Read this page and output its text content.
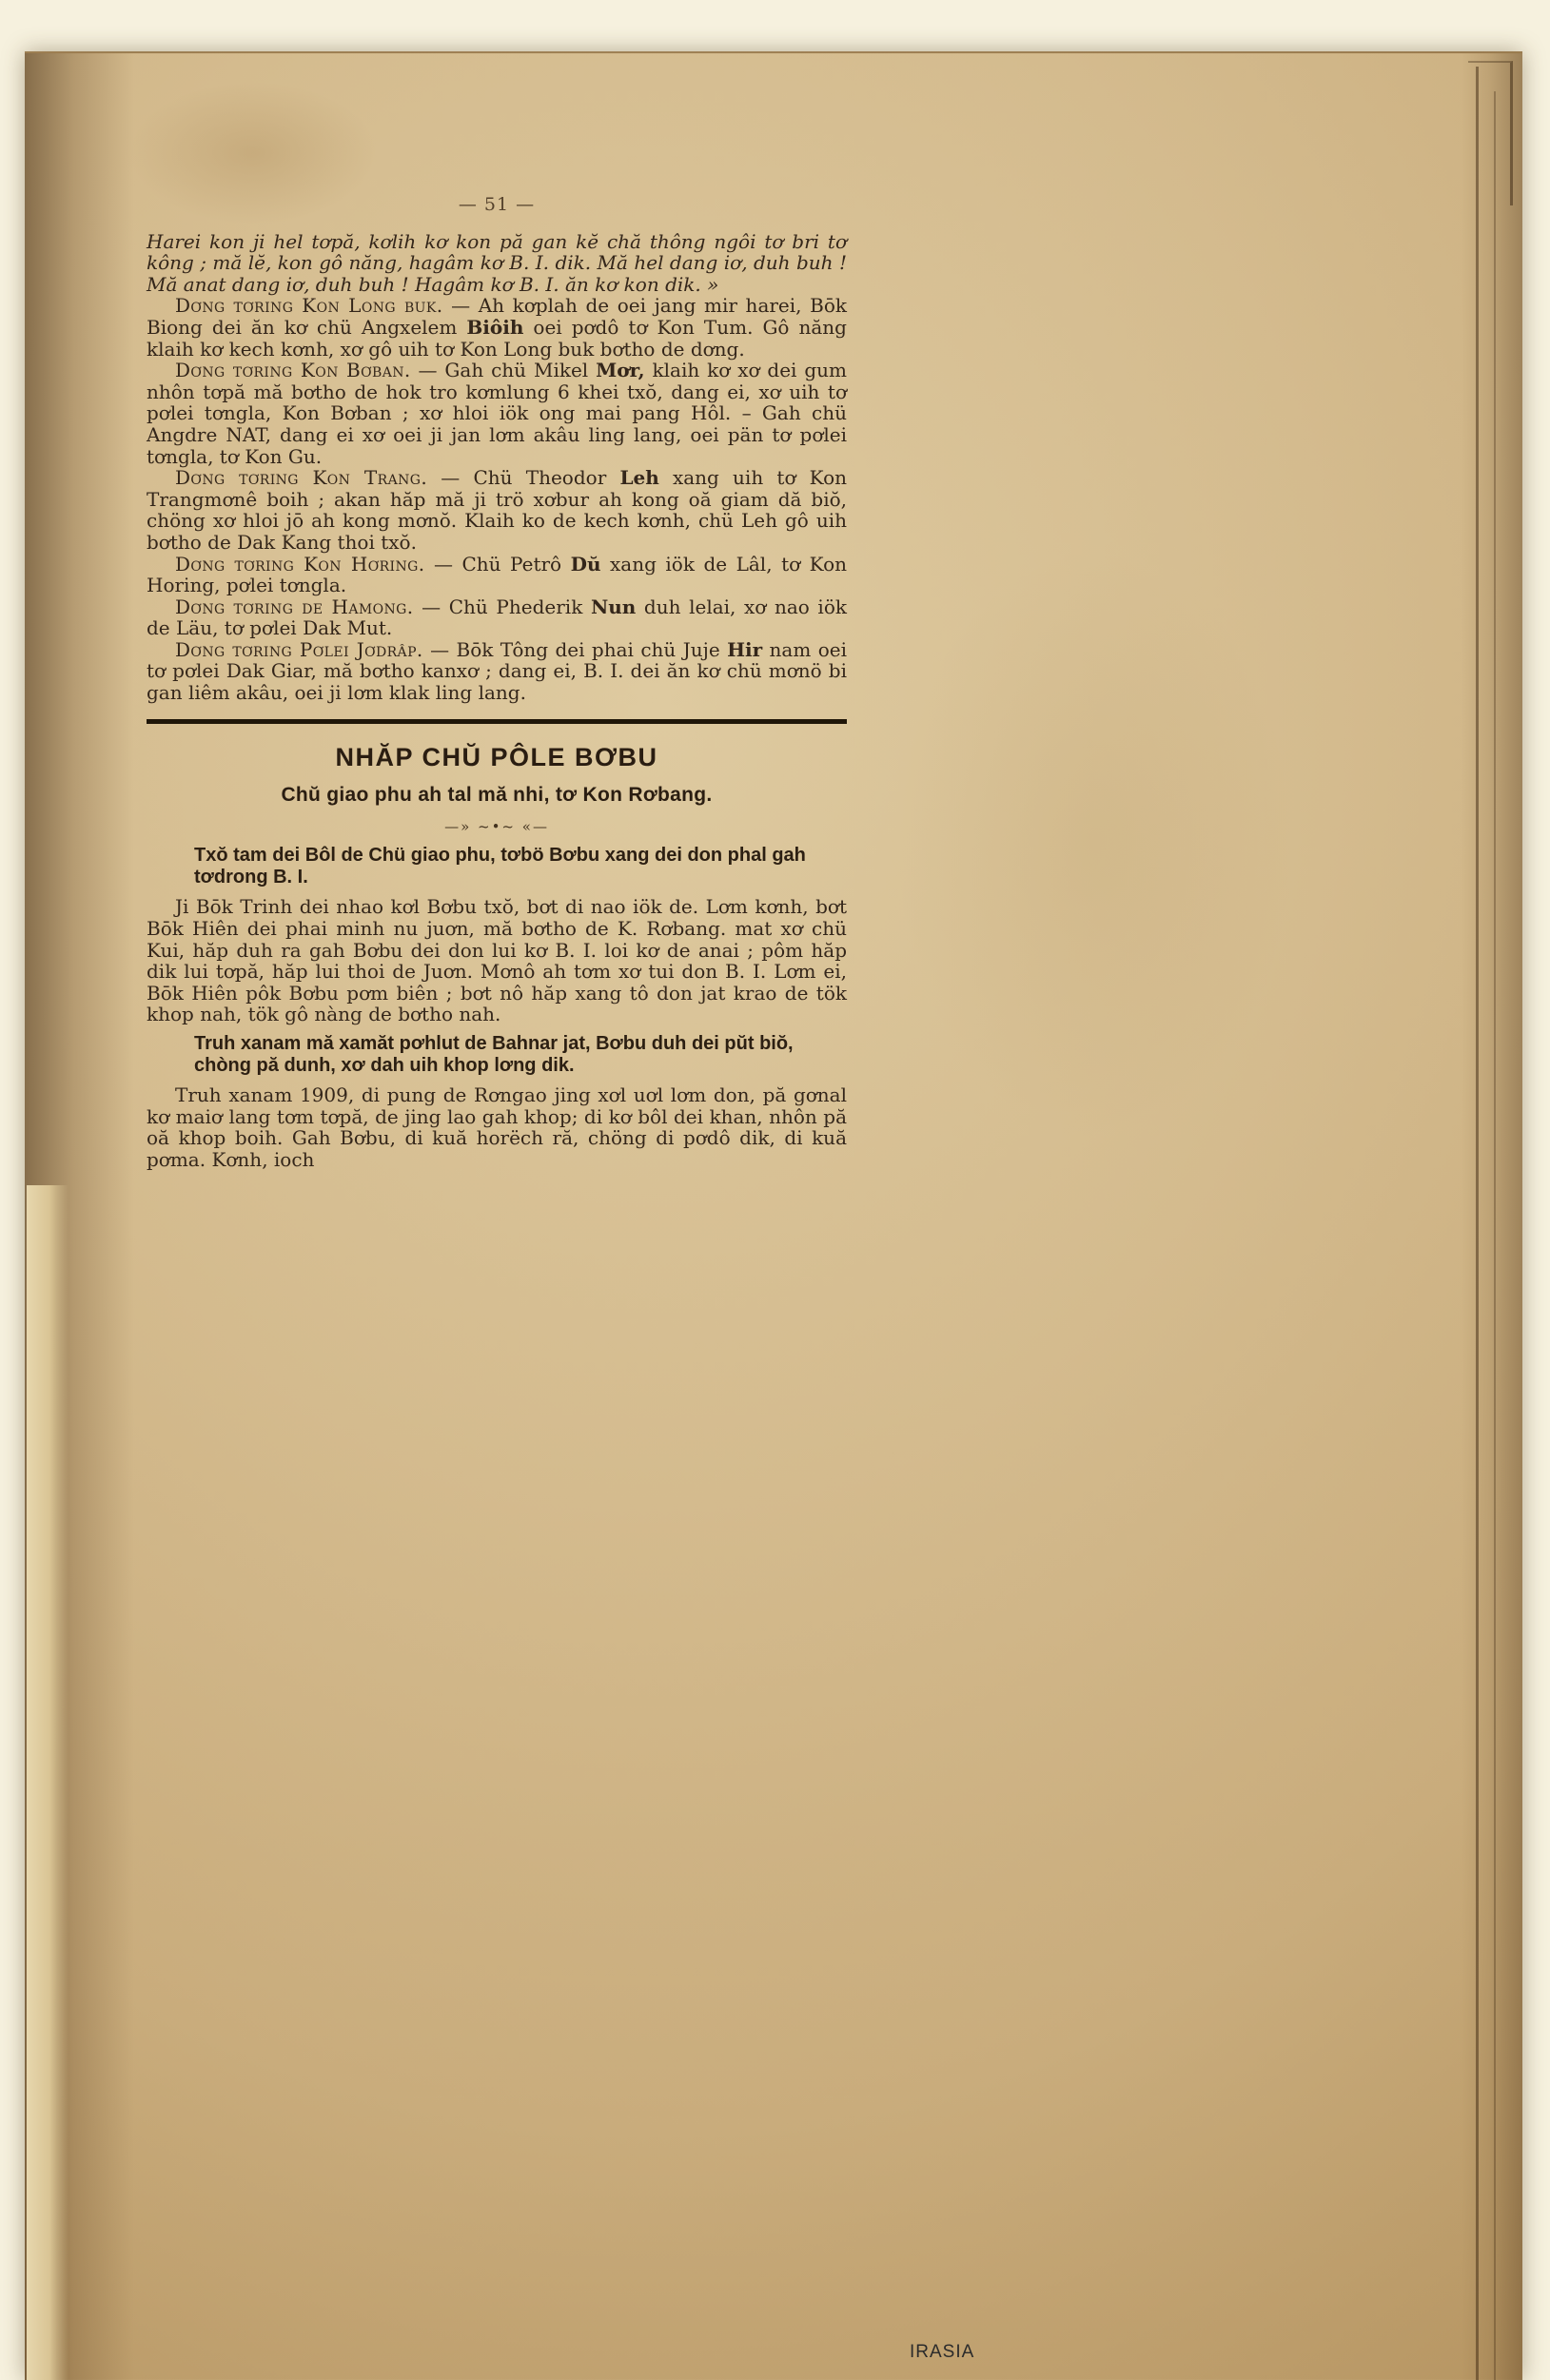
— 51 —

Harei kon ji hel tơpă, kơlih kơ kon pă gan kĕ chă thông ngôi tơ bri tơ kông ; mă lĕ, kon gô năng, hagâm kơ B. I. dik. Mă hel dang iơ, duh buh ! Mă anat dang iơ, duh buh ! Hagâm kơ B. I. ăn kơ kon dik. »

Dơng tơring Kon Long buk. — Ah kơplah de oei jang mir harei, Bōk Biong dei ăn kơ chü Angxelem Biôih oei pơdô tơ Kon Tum. Gô năng klaih kơ kech kơnh, xơ gô uih tơ Kon Long buk bơtho de dơng.

Dơng tơring Kon Bơban. — Gah chü Mikel Mơr, klaih kơ xơ dei gum nhôn tơpă mă bơtho de hok tro kơmlung 6 khei txŏ, dang ei, xơ uih tơ pơlei tơngla, Kon Bơban ; xơ hloi iök ong mai pang Hôl. – Gah chü Angdre NAT, dang ei xơ oei ji jan lơm akâu ling lang, oei pän tơ pơlei tơngla, tơ Kon Gu.

Dơng tơring Kon Trang. — Chü Theodor Leh xang uih tơ Kon Trangmơnê boih ; akan hăp mă ji trö xơbur ah kong oă giam dă biŏ, chöng xơ hloi jō ah kong mơnŏ. Klaih ko de kech kơnh, chü Leh gô uih bơtho de Dak Kang thoi txŏ.

Dơng tơring Kon Hơring. — Chü Petrô Dŭ xang iök de Lâl, tơ Kon Horing, pơlei tơngla.

Dơng tơring de Hamong. — Chü Phederik Nun duh lelai, xơ nao iök de Läu, tơ pơlei Dak Mut.

Dơng tơring Pơlei Jơdrâp. — Bōk Tông dei phai chü Juje Hir nam oei tơ pơlei Dak Giar, mă bơtho kanxơ ; dang ei, B. I. dei ăn kơ chü mơnö bi gan liêm akâu, oei ji lơm klak ling lang.

NHĂP CHŬ PÔLE BƠBU
Chŭ giao phu ah tal mă nhi, tơ Kon Rơbang.
—» ~•~ «—

Txŏ tam dei Bôl de Chü giao phu, tơbö Bơbu xang dei don phal gah tơdrong B. I.

Ji Bōk Trinh dei nhao kơl Bơbu txŏ, bơt di nao iök de. Lơm kơnh, bơt Bōk Hiên dei phai minh nu juơn, mă bơtho de K. Rơbang. mat xơ chü Kui, hăp duh ra gah Bơbu dei don lui kơ B. I. loi kơ de anai ; pôm hăp dik lui tơpă, hăp lui thoi de Juơn. Mơnô ah tơm xơ tui don B. I. Lơm ei, Bōk Hiên pôk Bơbu pơm biên ; bơt nô hăp xang tô don jat krao de tök khop nah, tök gô nàng de bơtho nah.

Truh xanam mă xamăt pơhlut de Bahnar jat, Bơbu duh dei pŭt biŏ, chòng pă dunh, xơ dah uih khop lơng dik.

Truh xanam 1909, di pung de Rơngao jing xơl uơl lơm don, pă gơnal kơ maiơ lang tơm tơpă, de jing lao gah khop; di kơ bôl dei khan, nhôn pă oă khop boih. Gah Bơbu, di kuă horëch ră, chöng di pơdô dik, di kuă pơma. Kơnh, ioch

IRASIA
